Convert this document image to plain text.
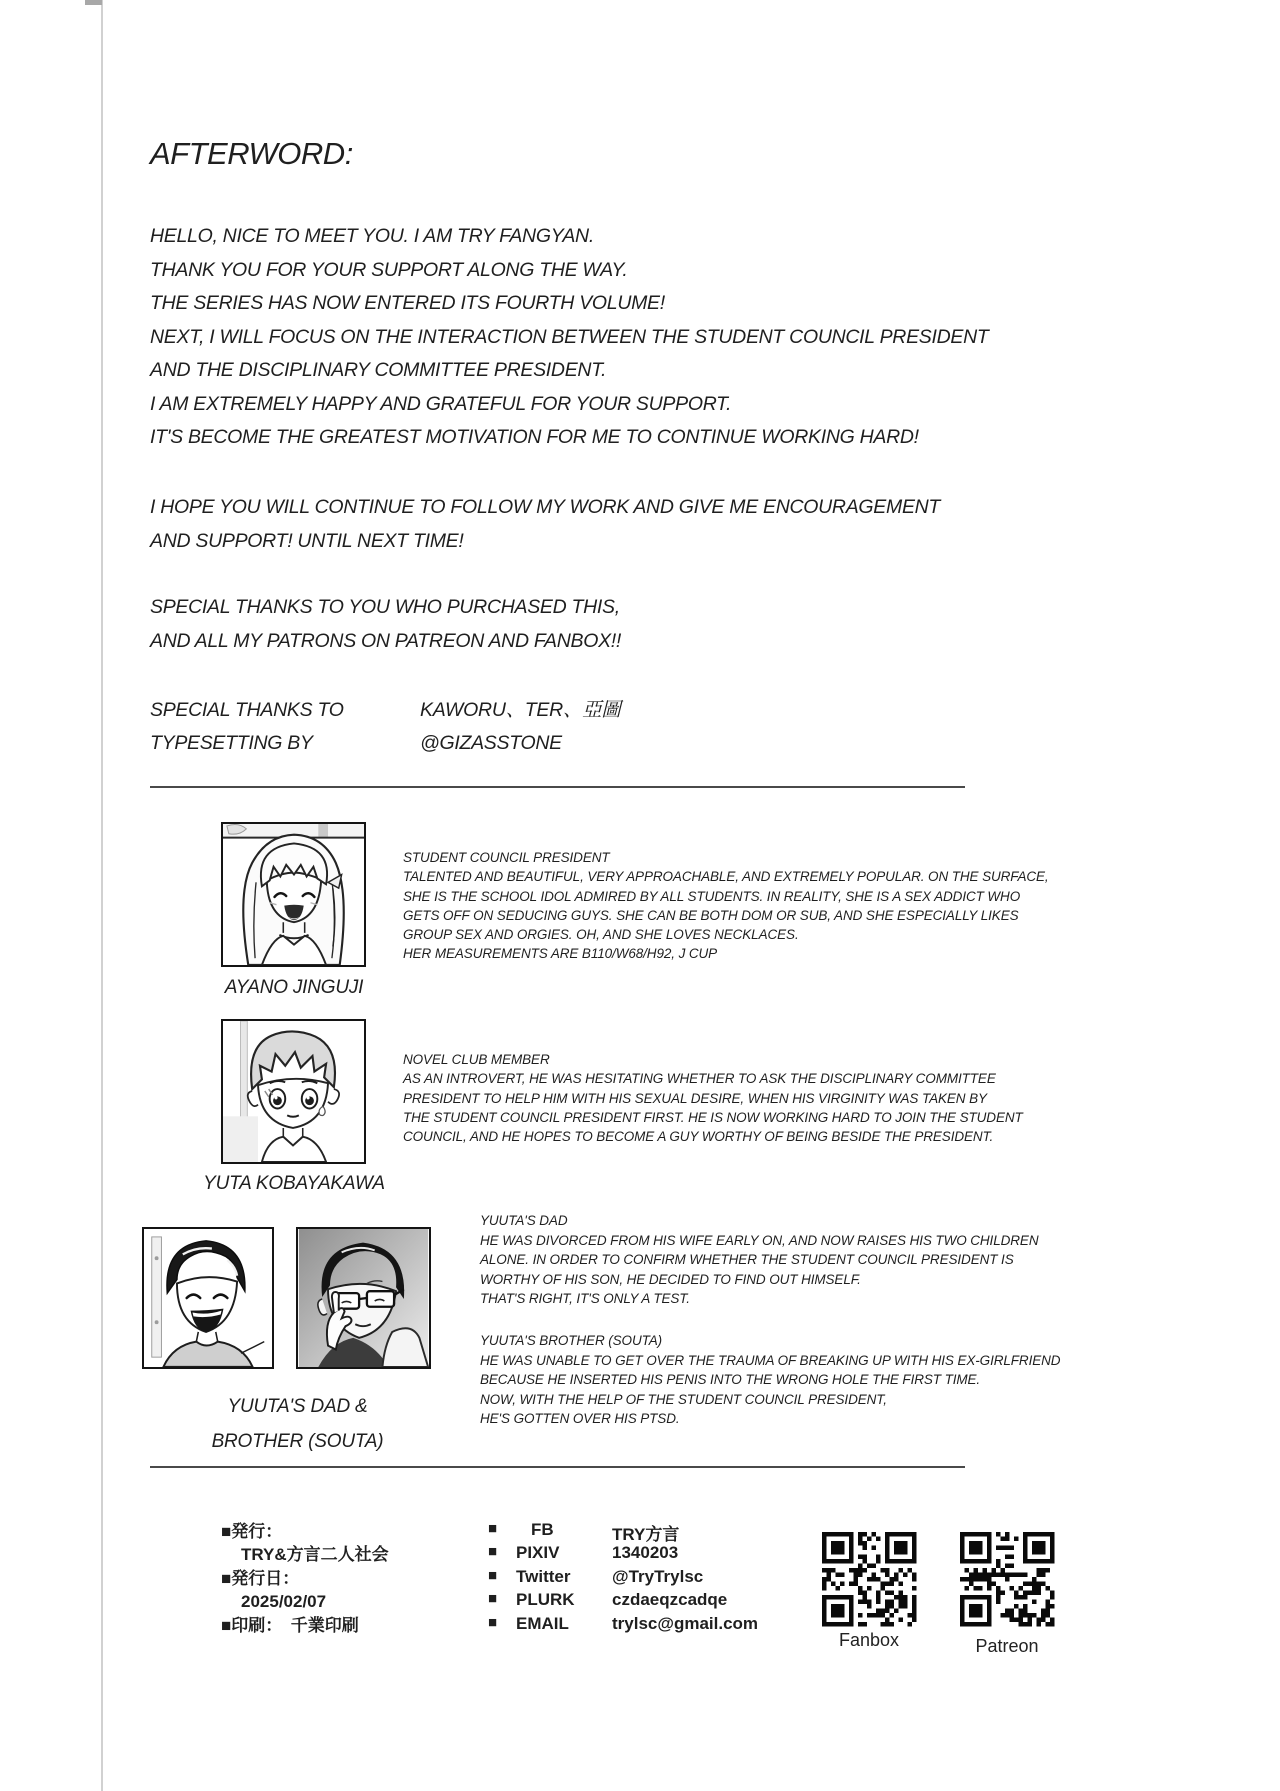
AFTERWORD:
HELLO, NICE TO MEET YOU. I AM TRY FANGYAN.
THANK YOU FOR YOUR SUPPORT ALONG THE WAY.
THE SERIES HAS NOW ENTERED ITS FOURTH VOLUME!
NEXT, I WILL FOCUS ON THE INTERACTION BETWEEN THE STUDENT COUNCIL PRESIDENT
AND THE DISCIPLINARY COMMITTEE PRESIDENT.
I AM EXTREMELY HAPPY AND GRATEFUL FOR YOUR SUPPORT.
IT'S BECOME THE GREATEST MOTIVATION FOR ME TO CONTINUE WORKING HARD!
I HOPE YOU WILL CONTINUE TO FOLLOW MY WORK AND GIVE ME ENCOURAGEMENT
AND SUPPORT! UNTIL NEXT TIME!
SPECIAL THANKS TO YOU WHO PURCHASED THIS,
AND ALL MY PATRONS ON PATREON AND FANBOX!!
SPECIAL THANKS TO	KAWORU、TER、亞圖
TYPESETTING BY	@GIZASSTONE
STUDENT COUNCIL PRESIDENT
TALENTED AND BEAUTIFUL, VERY APPROACHABLE, AND EXTREMELY POPULAR. ON THE SURFACE,
SHE IS THE SCHOOL IDOL ADMIRED BY ALL STUDENTS. IN REALITY, SHE IS A SEX ADDICT WHO
GETS OFF ON SEDUCING GUYS. SHE CAN BE BOTH DOM OR SUB, AND SHE ESPECIALLY LIKES
GROUP SEX AND ORGIES. OH, AND SHE LOVES NECKLACES.
HER MEASUREMENTS ARE B110/W68/H92, J CUP
AYANO JINGUJI
NOVEL CLUB MEMBER
AS AN INTROVERT, HE WAS HESITATING WHETHER TO ASK THE DISCIPLINARY COMMITTEE
PRESIDENT TO HELP HIM WITH HIS SEXUAL DESIRE, WHEN HIS VIRGINITY WAS TAKEN BY
THE STUDENT COUNCIL PRESIDENT FIRST. HE IS NOW WORKING HARD TO JOIN THE STUDENT
COUNCIL, AND HE HOPES TO BECOME A GUY WORTHY OF BEING BESIDE THE PRESIDENT.
YUTA KOBAYAKAWA
YUUTA'S DAD
HE WAS DIVORCED FROM HIS WIFE EARLY ON, AND NOW RAISES HIS TWO CHILDREN
ALONE. IN ORDER TO CONFIRM WHETHER THE STUDENT COUNCIL PRESIDENT IS
WORTHY OF HIS SON, HE DECIDED TO FIND OUT HIMSELF.
THAT'S RIGHT, IT'S ONLY A TEST.
YUUTA'S BROTHER (SOUTA)
HE WAS UNABLE TO GET OVER THE TRAUMA OF BREAKING UP WITH HIS EX-GIRLFRIEND
BECAUSE HE INSERTED HIS PENIS INTO THE WRONG HOLE THE FIRST TIME.
NOW, WITH THE HELP OF THE STUDENT COUNCIL PRESIDENT,
HE'S GOTTEN OVER HIS PTSD.
YUUTA'S DAD &
BROTHER (SOUTA)
■発行：
TRY&方言二人社会
■発行日：
2025/02/07
■印刷：　千業印刷
■ FB	TRY方言
■ PIXIV	1340203
■ Twitter @TryTrylsc
■ PLURK czdaeqzcadqe
■ EMAIL	trylsc@gmail.com
Fanbox	Patreon
